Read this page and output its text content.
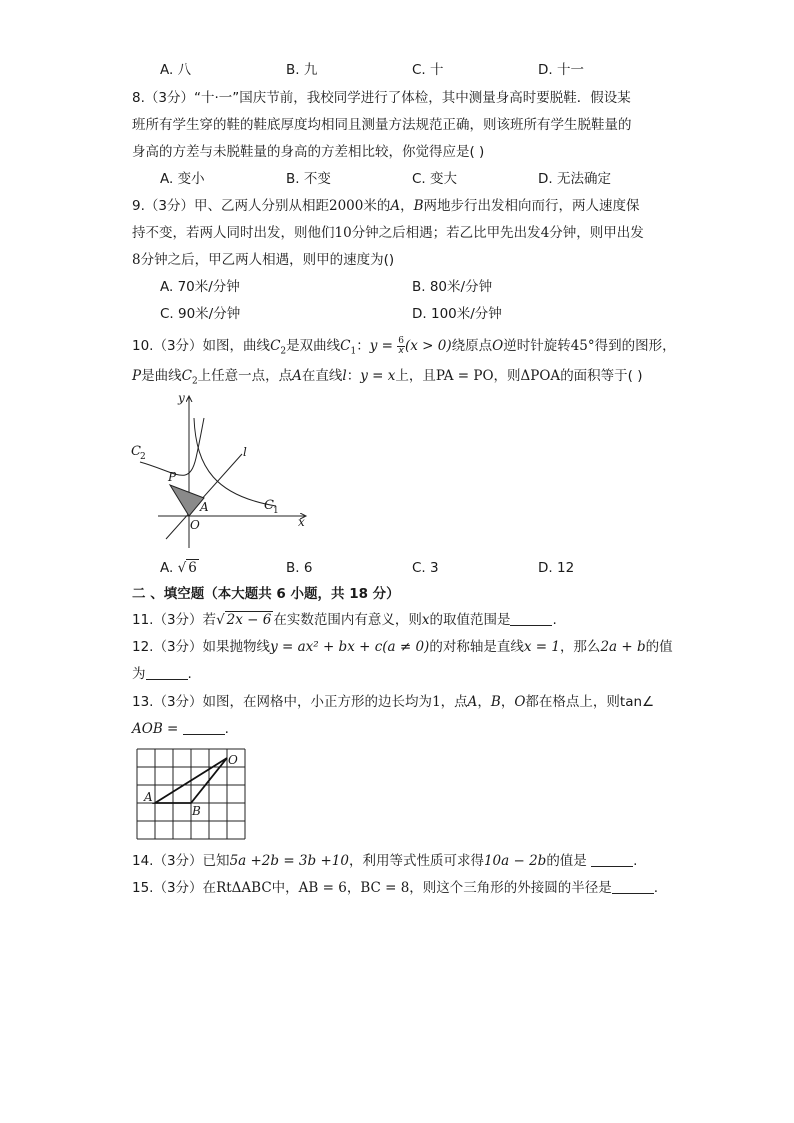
A. 八	B. 九	C. 十	D. 十一
8.（3分）“十·一”国庆节前，我校同学进行了体检，其中测量身高时要脱鞋．假设某
班所有学生穿的鞋的鞋底厚度均相同且测量方法规范正确，则该班所有学生脱鞋量的
身高的方差与未脱鞋量的身高的方差相比较，你觉得应是( )
A. 变小	B. 不变	C. 变大	D. 无法确定
9.（3分）甲、乙两人分别从相距2000米的A，B两地步行出发相向而行，两人速度保
持不变，若两人同时出发，则他们10分钟之后相遇；若乙比甲先出发4分钟，则甲出发
8分钟之后，甲乙两人相遇，则甲的速度为()
A. 70米/分钟	B. 80米/分钟
C. 90米/分钟	D. 100米/分钟
10.（3分）如图，曲线$C_2$是双曲线$C_1$：$y = \frac{6}{x} (x > 0)$绕原点O逆时针旋转45°得到的图形，
P是曲线$C_2$上任意一点，点A在直线l：y = x上，且PA = PO，则ΔPOA的面积等于( )
y
x
C 2
C 1
l
P
A
O
A. √ 6	B. 6	C. 3	D. 12
二 、填空题（本大题共 6 小题，共 18 分）
11.（3分）若√ 2x − 6 在实数范围内有意义，则x的取值范围是	.
12.（3分）如果抛物线y = ax² + bx + c(a ≠ 0)的对称轴是直线x = 1，那么2a + b的值
为	.
13.（3分）如图，在网格中，小正方形的边长均为1，点A，B，O都在格点上，则tan∠
AOB =	.
A
B
O
14.（3分）已知5a +2b = 3b +10，利用等式性质可求得10a − 2b的值是	.
15.（3分）在RtΔABC中，AB = 6，BC = 8，则这个三角形的外接圆的半径是	.
